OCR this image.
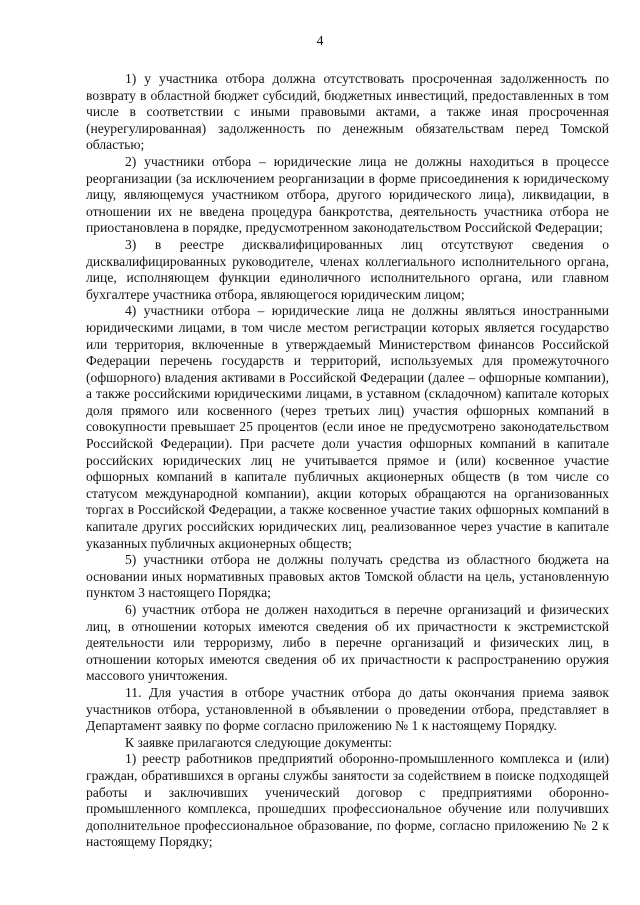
4

1) у участника отбора должна отсутствовать просроченная задолженность по возврату в областной бюджет субсидий, бюджетных инвестиций, предоставленных в том числе в соответствии с иными правовыми актами, а также иная просроченная (неурегулированная) задолженность по денежным обязательствам перед Томской областью;

2) участники отбора – юридические лица не должны находиться в процессе реорганизации (за исключением реорганизации в форме присоединения к юридическому лицу, являющемуся участником отбора, другого юридического лица), ликвидации, в отношении их не введена процедура банкротства, деятельность участника отбора не приостановлена в порядке, предусмотренном законодательством Российской Федерации;

3) в реестре дисквалифицированных лиц отсутствуют сведения о дисквалифицированных руководителе, членах коллегиального исполнительного органа, лице, исполняющем функции единоличного исполнительного органа, или главном бухгалтере участника отбора, являющегося юридическим лицом;

4) участники отбора – юридические лица не должны являться иностранными юридическими лицами, в том числе местом регистрации которых является государство или территория, включенные в утверждаемый Министерством финансов Российской Федерации перечень государств и территорий, используемых для промежуточного (офшорного) владения активами в Российской Федерации (далее – офшорные компании), а также российскими юридическими лицами, в уставном (складочном) капитале которых доля прямого или косвенного (через третьих лиц) участия офшорных компаний в совокупности превышает 25 процентов (если иное не предусмотрено законодательством Российской Федерации). При расчете доли участия офшорных компаний в капитале российских юридических лиц не учитывается прямое и (или) косвенное участие офшорных компаний в капитале публичных акционерных обществ (в том числе со статусом международной компании), акции которых обращаются на организованных торгах в Российской Федерации, а также косвенное участие таких офшорных компаний в капитале других российских юридических лиц, реализованное через участие в капитале указанных публичных акционерных обществ;

5) участники отбора не должны получать средства из областного бюджета на основании иных нормативных правовых актов Томской области на цель, установленную пунктом 3 настоящего Порядка;

6) участник отбора не должен находиться в перечне организаций и физических лиц, в отношении которых имеются сведения об их причастности к экстремистской деятельности или терроризму, либо в перечне организаций и физических лиц, в отношении которых имеются сведения об их причастности к распространению оружия массового уничтожения.

11. Для участия в отборе участник отбора до даты окончания приема заявок участников отбора, установленной в объявлении о проведении отбора, представляет в Департамент заявку по форме согласно приложению № 1 к настоящему Порядку.

К заявке прилагаются следующие документы:

1) реестр работников предприятий оборонно-промышленного комплекса и (или) граждан, обратившихся в органы службы занятости за содействием в поиске подходящей работы и заключивших ученический договор с предприятиями оборонно-промышленного комплекса, прошедших профессиональное обучение или получивших дополнительное профессиональное образование, по форме, согласно приложению № 2 к настоящему Порядку;
